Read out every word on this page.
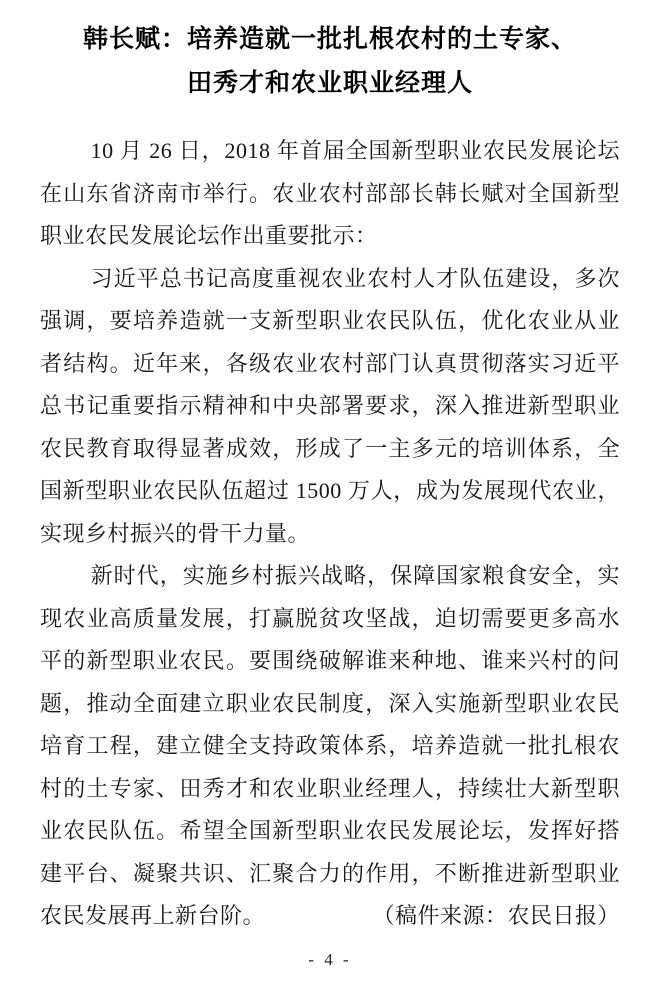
韩长赋：培养造就一批扎根农村的土专家、
田秀才和农业职业经理人

10 月 26 日，2018 年首届全国新型职业农民发展论坛在山东省济南市举行。农业农村部部长韩长赋对全国新型职业农民发展论坛作出重要批示：

习近平总书记高度重视农业农村人才队伍建设，多次强调，要培养造就一支新型职业农民队伍，优化农业从业者结构。近年来，各级农业农村部门认真贯彻落实习近平总书记重要指示精神和中央部署要求，深入推进新型职业农民教育取得显著成效，形成了一主多元的培训体系，全国新型职业农民队伍超过 1500 万人，成为发展现代农业，实现乡村振兴的骨干力量。

新时代，实施乡村振兴战略，保障国家粮食安全，实现农业高质量发展，打赢脱贫攻坚战，迫切需要更多高水平的新型职业农民。要围绕破解谁来种地、谁来兴村的问题，推动全面建立职业农民制度，深入实施新型职业农民培育工程，建立健全支持政策体系，培养造就一批扎根农村的土专家、田秀才和农业职业经理人，持续壮大新型职业农民队伍。希望全国新型职业农民发展论坛，发挥好搭建平台、凝聚共识、汇聚合力的作用，不断推进新型职业农民发展再上新台阶。	（稿件来源：农民日报）

- 4 -
